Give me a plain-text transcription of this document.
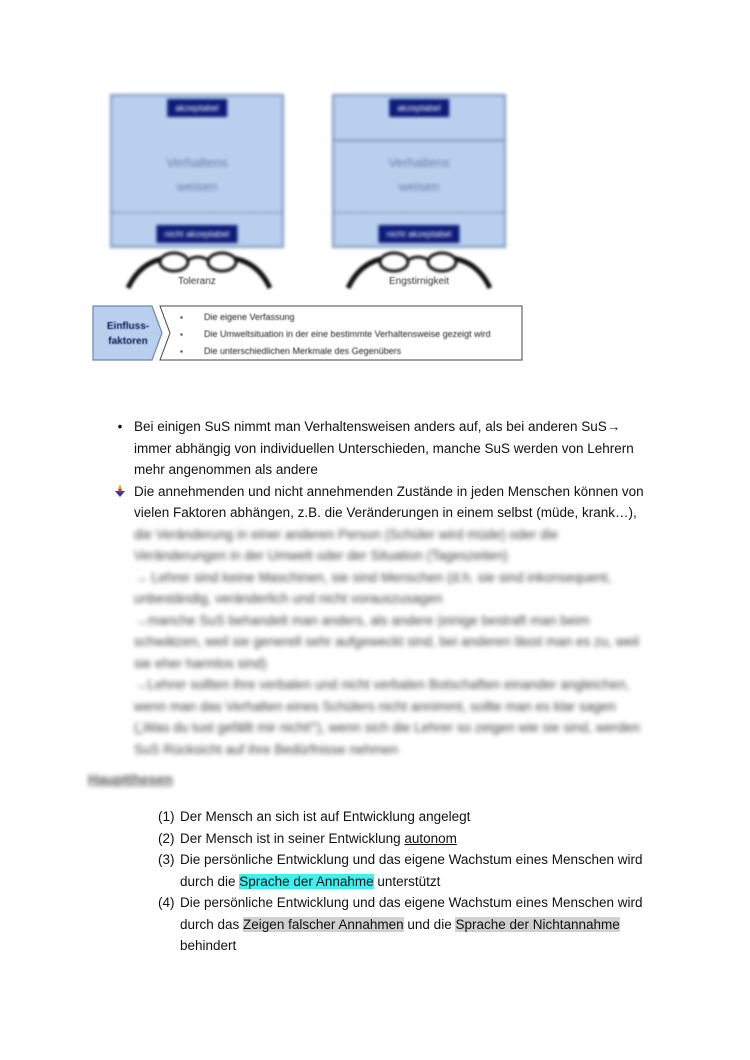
akzeptabel
Verhaltens
weisen
nicht akzeptabel
akzeptabel
Verhaltens
weisen
nicht akzeptabel
Toleranz	Engstirnigkeit
Einfluss-
faktoren
▪ Die eigene Verfassung
▪ Die Umweltsituation in der eine bestimmte Verhaltensweise gezeigt wird
▪ Die unterschiedlichen Merkmale des Gegenübers
• Bei einigen SuS nimmt man Verhaltensweisen anders auf, als bei anderen SuS→
immer abhängig von individuellen Unterschieden, manche SuS werden von Lehrern
mehr angenommen als andere
Die annehmenden und nicht annehmenden Zustände in jeden Menschen können von
vielen Faktoren abhängen, z.B. die Veränderungen in einem selbst (müde, krank…),
die Veränderung in einer anderen Person (Schüler wird müde) oder die
Veränderungen in der Umwelt oder der Situation (Tageszeiten)
→ Lehrer sind keine Maschinen, sie sind Menschen (d.h. sie sind inkonsequent,
unbeständig, veränderlich und nicht vorauszusagen
→manche SuS behandelt man anders, als andere (einige bestraft man beim
schwätzen, weil sie generell sehr aufgeweckt sind, bei anderen lässt man es zu, weil
sie eher harmlos sind)
→Lehrer sollten ihre verbalen und nicht verbalen Botschaften einander angleichen,
wenn man das Verhalten eines Schülers nicht annimmt, sollte man es klar sagen
(„Was du tust gefällt mir nicht!“), wenn sich die Lehrer so zeigen wie sie sind, werden
SuS Rücksicht auf ihre Bedürfnisse nehmen
Hauptthesen
(1) Der Mensch an sich ist auf Entwicklung angelegt
(2) Der Mensch ist in seiner Entwicklung autonom
(3) Die persönliche Entwicklung und das eigene Wachstum eines Menschen wird durch die Sprache der Annahme unterstützt
(4) Die persönliche Entwicklung und das eigene Wachstum eines Menschen wird durch das Zeigen falscher Annahmen und die Sprache der Nichtannahme behindert
